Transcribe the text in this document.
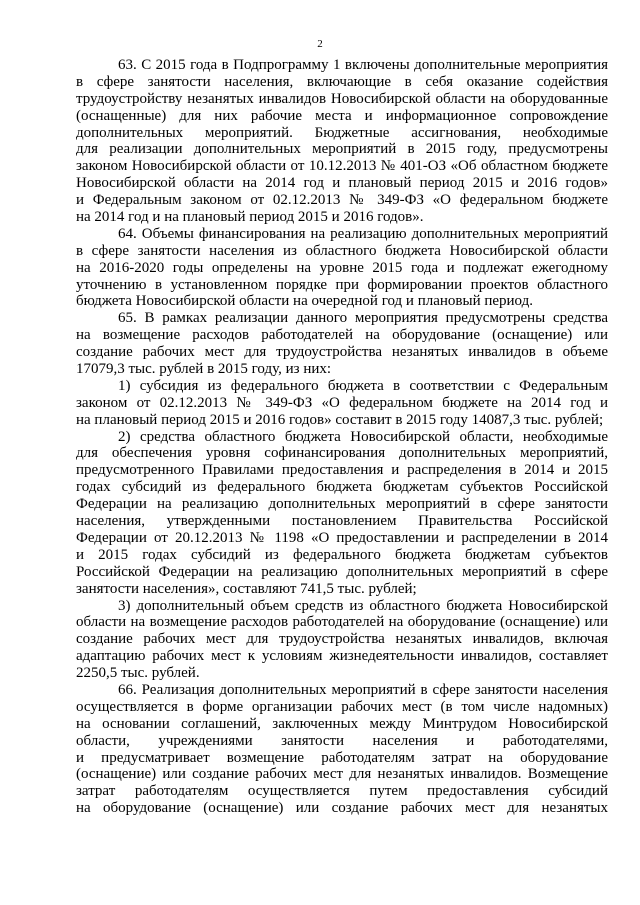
2
63. С 2015 года в Подпрограмму 1 включены дополнительные мероприятия
в сфере занятости населения, включающие в себя оказание содействия
трудоустройству незанятых инвалидов Новосибирской области на оборудованные
(оснащенные) для них рабочие места и информационное сопровождение
дополнительных мероприятий. Бюджетные ассигнования, необходимые
для реализации дополнительных мероприятий в 2015 году, предусмотрены
законом Новосибирской области от 10.12.2013 № 401-ОЗ «Об областном бюджете
Новосибирской области на 2014 год и плановый период 2015 и 2016 годов»
и Федеральным законом от 02.12.2013 № 349-ФЗ «О федеральном бюджете
на 2014 год и на плановый период 2015 и 2016 годов».
64. Объемы финансирования на реализацию дополнительных мероприятий
в сфере занятости населения из областного бюджета Новосибирской области
на 2016-2020 годы определены на уровне 2015 года и подлежат ежегодному
уточнению в установленном порядке при формировании проектов областного
бюджета Новосибирской области на очередной год и плановый период.
65. В рамках реализации данного мероприятия предусмотрены средства
на возмещение расходов работодателей на оборудование (оснащение) или
создание рабочих мест для трудоустройства незанятых инвалидов в объеме
17079,3 тыс. рублей в 2015 году, из них:
1) субсидия из федерального бюджета в соответствии с Федеральным
законом от 02.12.2013 № 349-ФЗ «О федеральном бюджете на 2014 год и
на плановый период 2015 и 2016 годов» составит в 2015 году 14087,3 тыс. рублей;
2) средства областного бюджета Новосибирской области, необходимые
для обеспечения уровня софинансирования дополнительных мероприятий,
предусмотренного Правилами предоставления и распределения в 2014 и 2015
годах субсидий из федерального бюджета бюджетам субъектов Российской
Федерации на реализацию дополнительных мероприятий в сфере занятости
населения, утвержденными постановлением Правительства Российской
Федерации от 20.12.2013 № 1198 «О предоставлении и распределении в 2014
и 2015 годах субсидий из федерального бюджета бюджетам субъектов
Российской Федерации на реализацию дополнительных мероприятий в сфере
занятости населения», составляют 741,5 тыс. рублей;
3) дополнительный объем средств из областного бюджета Новосибирской
области на возмещение расходов работодателей на оборудование (оснащение) или
создание рабочих мест для трудоустройства незанятых инвалидов, включая
адаптацию рабочих мест к условиям жизнедеятельности инвалидов, составляет
2250,5 тыс. рублей.
66. Реализация дополнительных мероприятий в сфере занятости населения
осуществляется в форме организации рабочих мест (в том числе надомных)
на основании соглашений, заключенных между Минтрудом Новосибирской
области, учреждениями занятости населения и работодателями,
и предусматривает возмещение работодателям затрат на оборудование
(оснащение) или создание рабочих мест для незанятых инвалидов. Возмещение
затрат работодателям осуществляется путем предоставления субсидий
на оборудование (оснащение) или создание рабочих мест для незанятых
